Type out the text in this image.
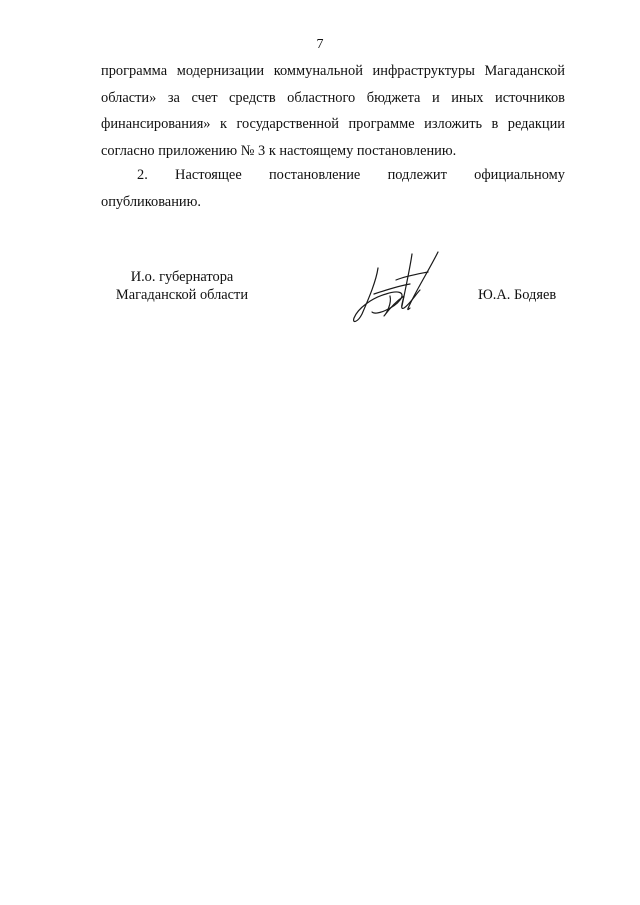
7
программа модернизации коммунальной инфраструктуры Магаданской
области» за счет средств областного бюджета и иных источников
финансирования» к государственной программе изложить в редакции
согласно приложению № 3 к настоящему постановлению.
2. Настоящее постановление подлежит официальному
опубликованию.
И.о. губернатора
Магаданской области	Ю.А. Бодяев
